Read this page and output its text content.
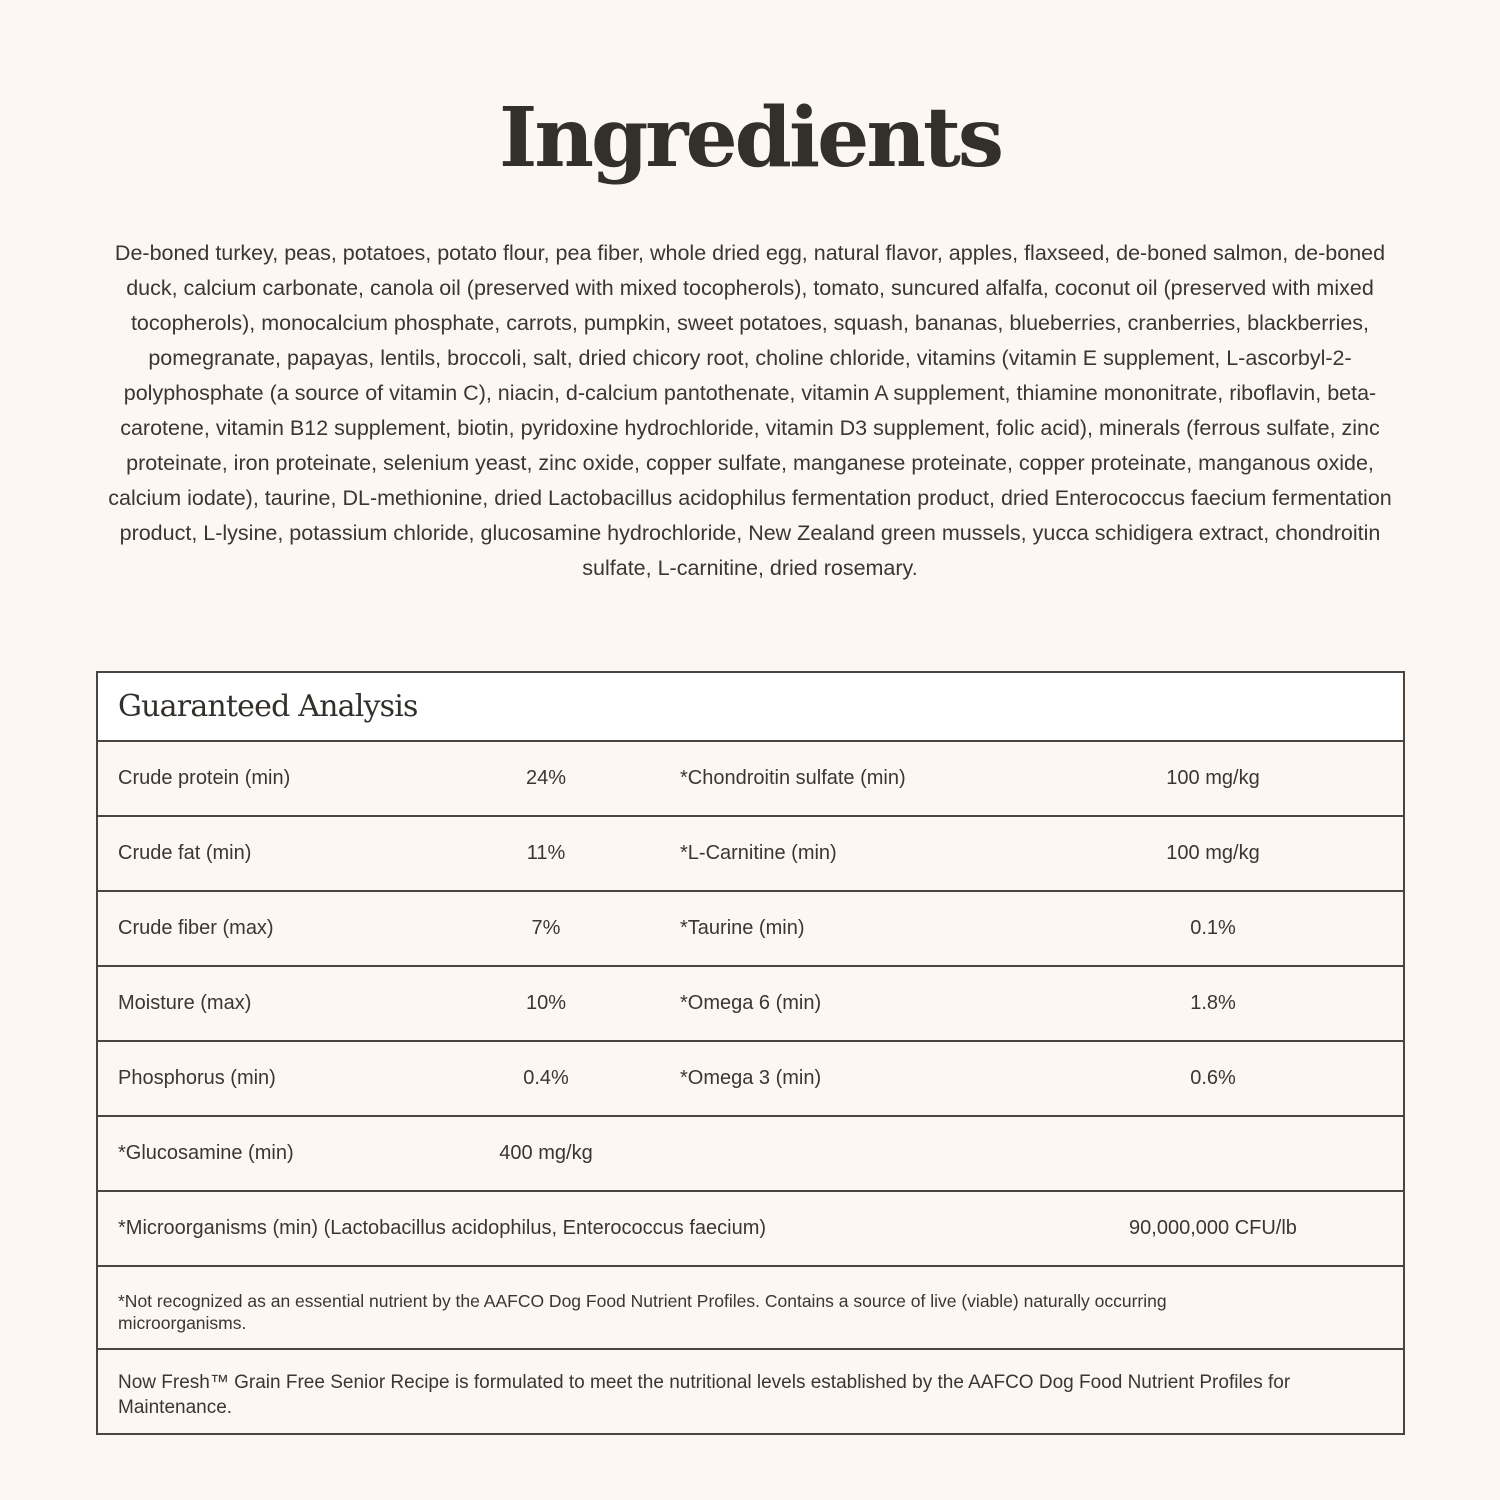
Ingredients

De-boned turkey, peas, potatoes, potato flour, pea fiber, whole dried egg, natural flavor, apples, flaxseed, de-boned salmon, de-boned duck, calcium carbonate, canola oil (preserved with mixed tocopherols), tomato, suncured alfalfa, coconut oil (preserved with mixed tocopherols), monocalcium phosphate, carrots, pumpkin, sweet potatoes, squash, bananas, blueberries, cranberries, blackberries, pomegranate, papayas, lentils, broccoli, salt, dried chicory root, choline chloride, vitamins (vitamin E supplement, L-ascorbyl-2-polyphosphate (a source of vitamin C), niacin, d-calcium pantothenate, vitamin A supplement, thiamine mononitrate, riboflavin, beta-carotene, vitamin B12 supplement, biotin, pyridoxine hydrochloride, vitamin D3 supplement, folic acid), minerals (ferrous sulfate, zinc proteinate, iron proteinate, selenium yeast, zinc oxide, copper sulfate, manganese proteinate, copper proteinate, manganous oxide, calcium iodate), taurine, DL-methionine, dried Lactobacillus acidophilus fermentation product, dried Enterococcus faecium fermentation product, L-lysine, potassium chloride, glucosamine hydrochloride, New Zealand green mussels, yucca schidigera extract, chondroitin sulfate, L-carnitine, dried rosemary.

Guaranteed Analysis
Crude protein (min)	24%	*Chondroitin sulfate (min)	100 mg/kg
Crude fat (min)	11%	*L-Carnitine (min)	100 mg/kg
Crude fiber (max)	7%	*Taurine (min)	0.1%
Moisture (max)	10%	*Omega 6 (min)	1.8%
Phosphorus (min)	0.4%	*Omega 3 (min)	0.6%
*Glucosamine (min)	400 mg/kg
*Microorganisms (min) (Lactobacillus acidophilus, Enterococcus faecium)	90,000,000 CFU/lb
*Not recognized as an essential nutrient by the AAFCO Dog Food Nutrient Profiles. Contains a source of live (viable) naturally occurring microorganisms.
Now Fresh™ Grain Free Senior Recipe is formulated to meet the nutritional levels established by the AAFCO Dog Food Nutrient Profiles for Maintenance.
